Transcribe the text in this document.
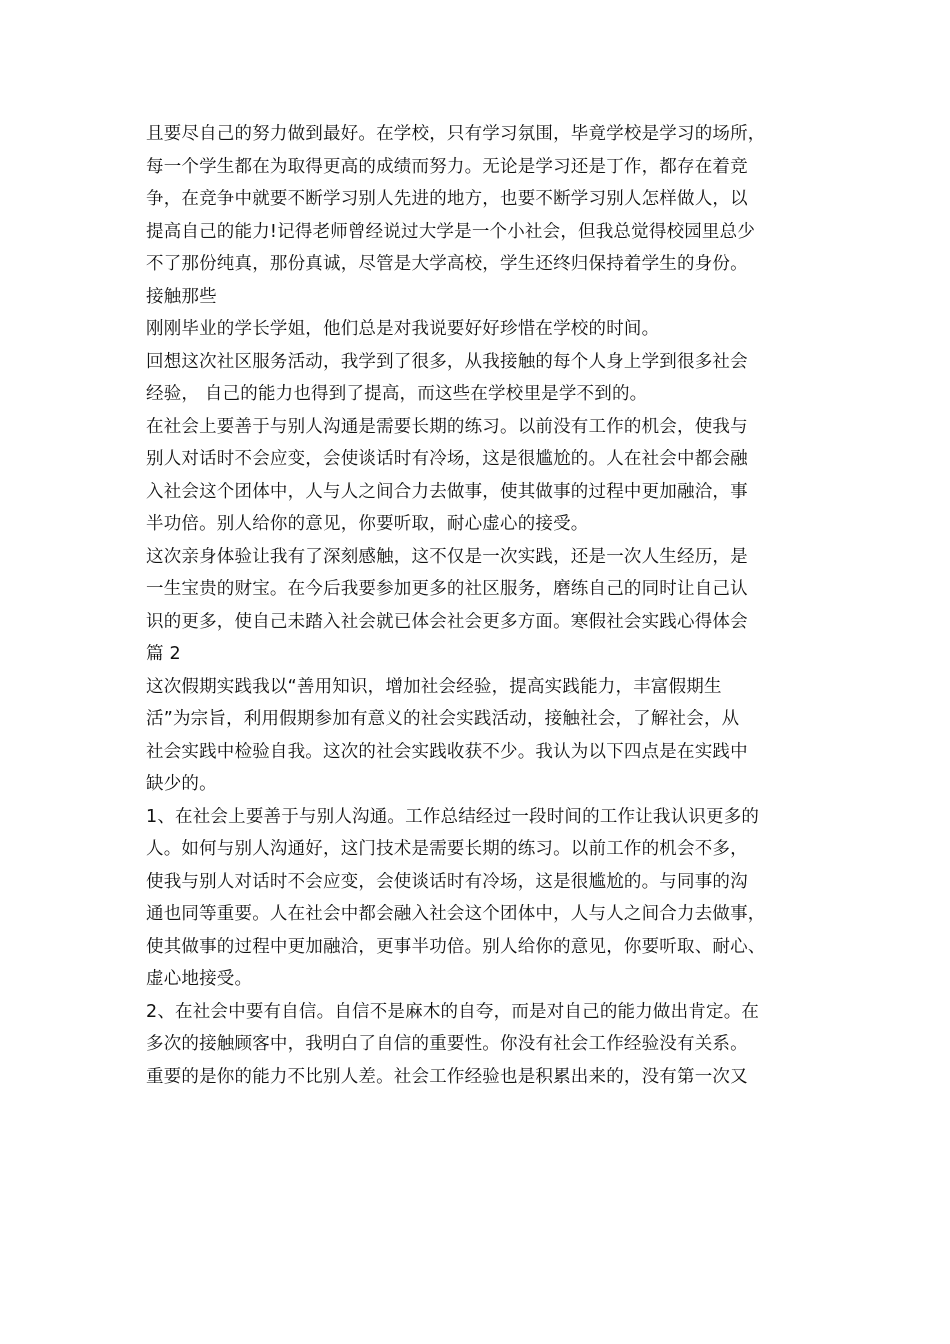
且要尽自己的努力做到最好。在学校，只有学习氛围，毕竟学校是学习的场所，
每一个学生都在为取得更高的成绩而努力。无论是学习还是丁作，都存在着竞
争，在竞争中就要不断学习别人先进的地方，也要不断学习别人怎样做人，以
提高自己的能力!记得老师曾经说过大学是一个小社会，但我总觉得校园里总少
不了那份纯真，那份真诚，尽管是大学高校，学生还终归保持着学生的身份。
接触那些

刚刚毕业的学长学姐，他们总是对我说要好好珍惜在学校的时间。

回想这次社区服务活动，我学到了很多，从我接触的每个人身上学到很多社会
经验， 自己的能力也得到了提高，而这些在学校里是学不到的。

在社会上要善于与别人沟通是需要长期的练习。以前没有工作的机会，使我与
别人对话时不会应变，会使谈话时有冷场，这是很尴尬的。人在社会中都会融
入社会这个团体中，人与人之间合力去做事，使其做事的过程中更加融洽，事
半功倍。别人给你的意见，你要听取，耐心虚心的接受。

这次亲身体验让我有了深刻感触，这不仅是一次实践，还是一次人生经历，是
一生宝贵的财宝。在今后我要参加更多的社区服务，磨练自己的同时让自己认
识的更多，使自己未踏入社会就已体会社会更多方面。寒假社会实践心得体会
篇 2

这次假期实践我以“善用知识，增加社会经验，提高实践能力，丰富假期生
活”为宗旨，利用假期参加有意义的社会实践活动，接触社会，了解社会，从
社会实践中检验自我。这次的社会实践收获不少。我认为以下四点是在实践中
缺少的。

1、在社会上要善于与别人沟通。工作总结经过一段时间的工作让我认识更多的
人。如何与别人沟通好，这门技术是需要长期的练习。以前工作的机会不多，
使我与别人对话时不会应变，会使谈话时有冷场，这是很尴尬的。与同事的沟
通也同等重要。人在社会中都会融入社会这个团体中，人与人之间合力去做事，
使其做事的过程中更加融洽，更事半功倍。别人给你的意见，你要听取、耐心、
虚心地接受。

2、在社会中要有自信。自信不是麻木的自夸，而是对自己的能力做出肯定。在
多次的接触顾客中，我明白了自信的重要性。你没有社会工作经验没有关系。
重要的是你的能力不比别人差。社会工作经验也是积累出来的，没有第一次又
